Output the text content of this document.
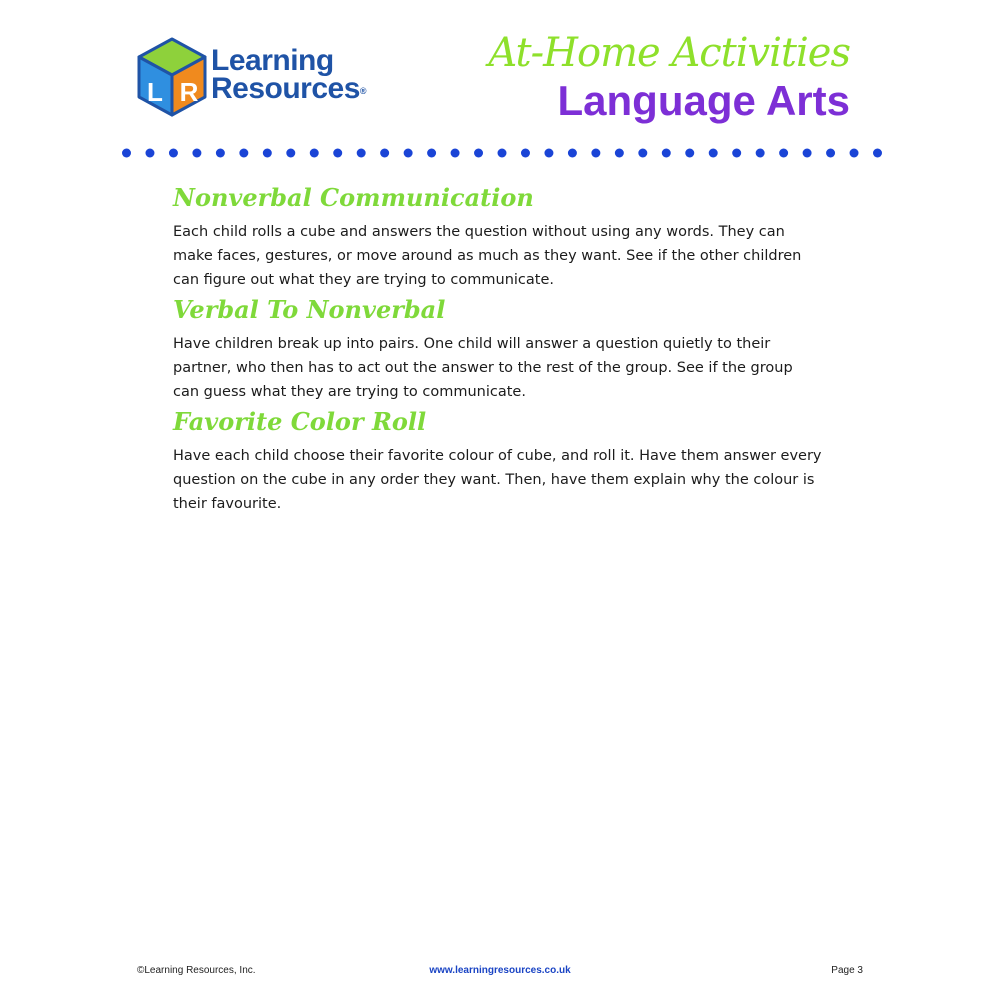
L R
Learning
Resources®
At-Home Activities
Language Arts
Nonverbal Communication

Each child rolls a cube and answers the question without using any words. They can make faces, gestures, or move around as much as they want. See if the other children can figure out what they are trying to communicate.

Verbal To Nonverbal

Have children break up into pairs. One child will answer a question quietly to their partner, who then has to act out the answer to the rest of the group. See if the group can guess what they are trying to communicate.

Favorite Color Roll

Have each child choose their favorite colour of cube, and roll it. Have them answer every question on the cube in any order they want. Then, have them explain why the colour is their favourite.

©Learning Resources, Inc.	www.learningresources.co.uk	Page 3
